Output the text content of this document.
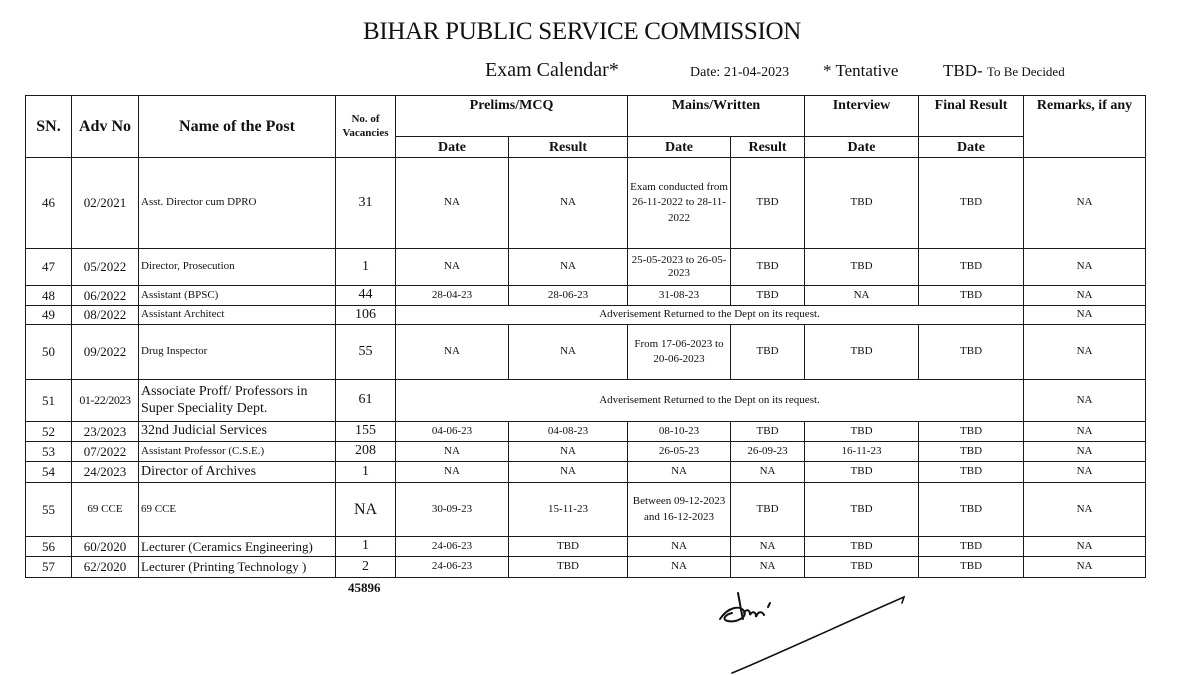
BIHAR PUBLIC SERVICE COMMISSION
Exam Calendar*	Date: 21-04-2023 * Tentative	TBD- To Be Decided
SN.	Adv No	Name of the Post	No. of Vacancies	Prelims/MCQ		Mains/Written		Interview	Final Result	Remarks, if any
				Date	Result	Date	Result	Date	Date	
46	02/2021	Asst. Director cum DPRO	31	NA	NA	Exam conducted from 26-11-2022 to 28-11-2022	TBD	TBD	TBD	NA
47	05/2022	Director, Prosecution	1	NA	NA	25-05-2023 to 26-05-2023	TBD	TBD	TBD	NA
48	06/2022	Assistant (BPSC)	44	28-04-23	28-06-23	31-08-23	TBD	NA	TBD	NA
49	08/2022	Assistant Architect	106	Adverisement Returned to the Dept on its request.						NA
50	09/2022	Drug Inspector	55	NA	NA	From 17-06-2023 to 20-06-2023	TBD	TBD	TBD	NA
51	01-22/2023	Associate Proff/ Professors in Super Speciality Dept.	61	Adverisement Returned to the Dept on its request.						NA
52	23/2023	32nd Judicial Services	155	04-06-23	04-08-23	08-10-23	TBD	TBD	TBD	NA
53	07/2022	Assistant Professor (C.S.E.)	208	NA	NA	26-05-23	26-09-23	16-11-23	TBD	NA
54	24/2023	Director of Archives	1	NA	NA	NA	NA	TBD	TBD	NA
55	69 CCE	69 CCE	NA	30-09-23	15-11-23	Between 09-12-2023 and 16-12-2023	TBD	TBD	TBD	NA
56	60/2020	Lecturer (Ceramics Engineering)	1	24-06-23	TBD	NA	NA	TBD	TBD	NA
57	62/2020	Lecturer (Printing Technology )	2	24-06-23	TBD	NA	NA	TBD	TBD	NA
45896
